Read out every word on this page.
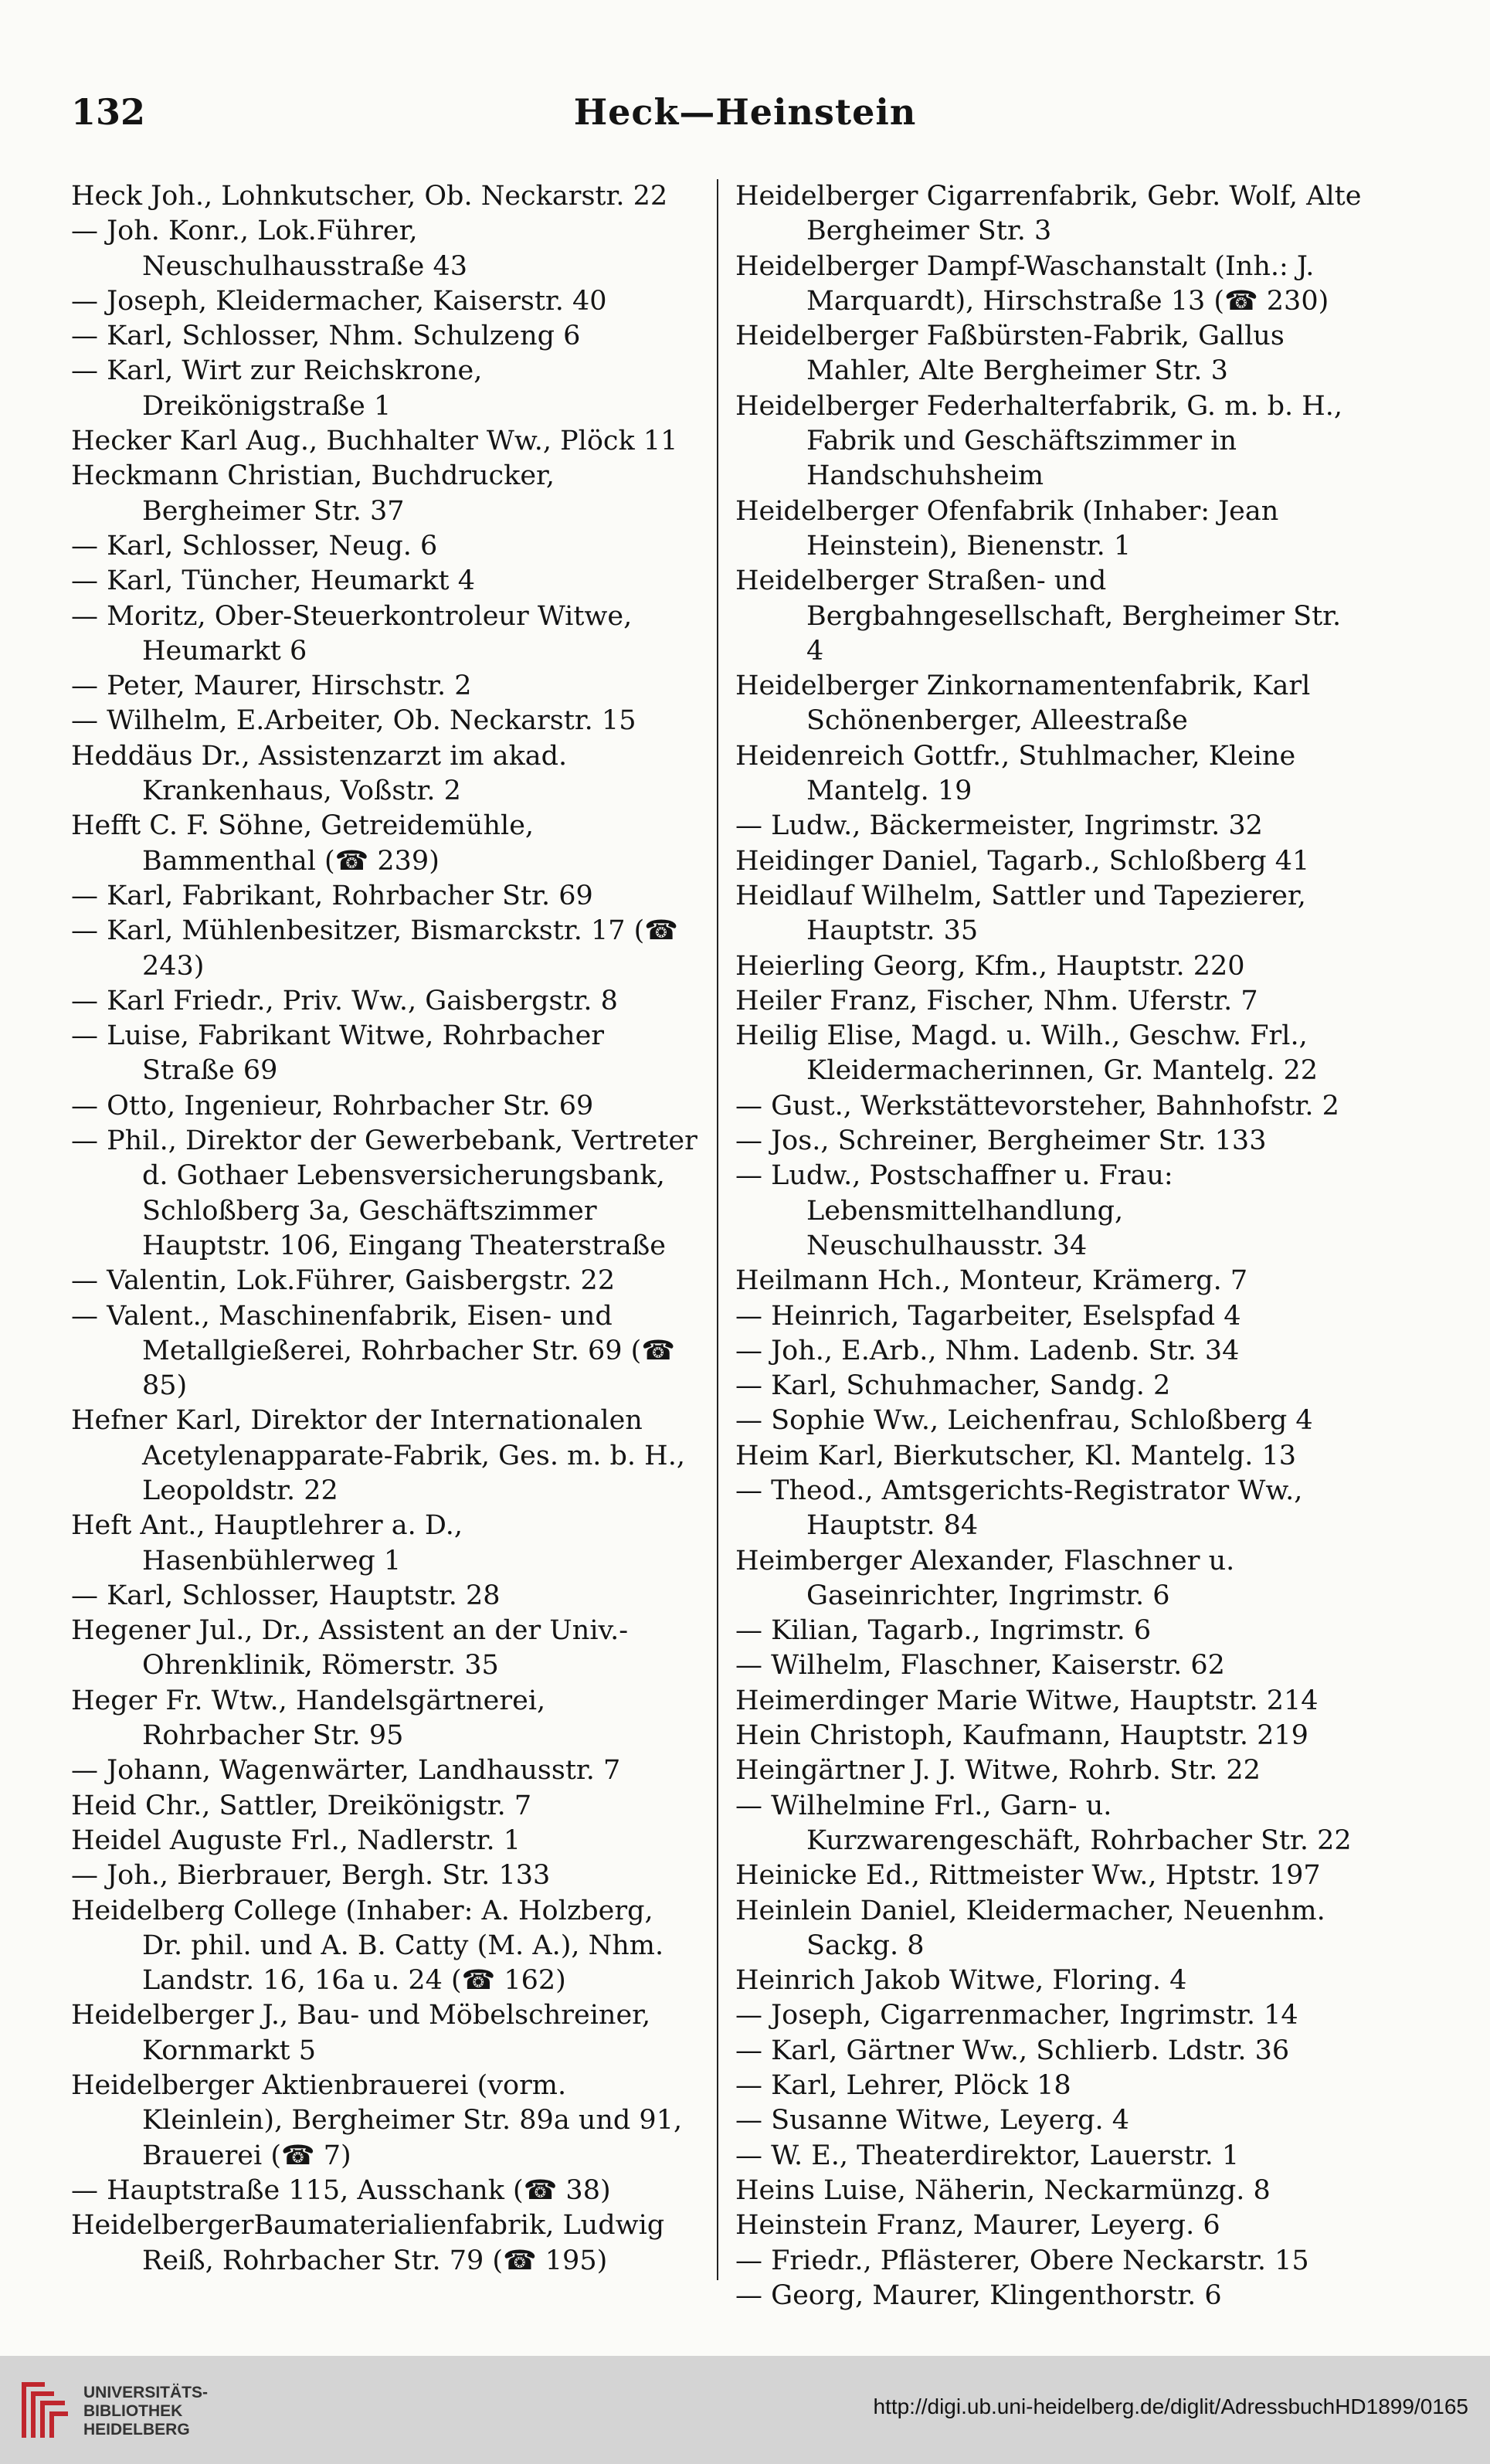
132	Heck—Heinstein
Heck Joh., Lohnkutscher, Ob. Neckarstr. 22
— Joh. Konr., Lok.Führer, Neuschulhausstraße 43
— Joseph, Kleidermacher, Kaiserstr. 40
— Karl, Schlosser, Nhm. Schulzeng 6
— Karl, Wirt zur Reichskrone, Dreikönigstraße 1
Hecker Karl Aug., Buchhalter Ww., Plöck 11
Heckmann Christian, Buchdrucker, Bergheimer Str. 37
— Karl, Schlosser, Neug. 6
— Karl, Tüncher, Heumarkt 4
— Moritz, Ober-Steuerkontroleur Witwe, Heumarkt 6
— Peter, Maurer, Hirschstr. 2
— Wilhelm, E.Arbeiter, Ob. Neckarstr. 15
Heddäus Dr., Assistenzarzt im akad. Krankenhaus, Voßstr. 2
Hefft C. F. Söhne, Getreidemühle, Bammenthal (☎ 239)
— Karl, Fabrikant, Rohrbacher Str. 69
— Karl, Mühlenbesitzer, Bismarckstr. 17 (☎ 243)
— Karl Friedr., Priv. Ww., Gaisbergstr. 8
— Luise, Fabrikant Witwe, Rohrbacher Straße 69
— Otto, Ingenieur, Rohrbacher Str. 69
— Phil., Direktor der Gewerbebank, Vertreter d. Gothaer Lebensversicherungsbank, Schloßberg 3a, Geschäftszimmer Hauptstr. 106, Eingang Theaterstraße
— Valentin, Lok.Führer, Gaisbergstr. 22
— Valent., Maschinenfabrik, Eisen- und Metallgießerei, Rohrbacher Str. 69 (☎ 85)
Hefner Karl, Direktor der Internationalen Acetylenapparate-Fabrik, Ges. m. b. H., Leopoldstr. 22
Heft Ant., Hauptlehrer a. D., Hasenbühlerweg 1
— Karl, Schlosser, Hauptstr. 28
Hegener Jul., Dr., Assistent an der Univ.-Ohrenklinik, Römerstr. 35
Heger Fr. Wtw., Handelsgärtnerei, Rohrbacher Str. 95
— Johann, Wagenwärter, Landhausstr. 7
Heid Chr., Sattler, Dreikönigstr. 7
Heidel Auguste Frl., Nadlerstr. 1
— Joh., Bierbrauer, Bergh. Str. 133
Heidelberg College (Inhaber: A. Holzberg, Dr. phil. und A. B. Catty (M. A.), Nhm. Landstr. 16, 16a u. 24 (☎ 162)
Heidelberger J., Bau- und Möbelschreiner, Kornmarkt 5
Heidelberger Aktienbrauerei (vorm. Kleinlein), Bergheimer Str. 89a und 91, Brauerei (☎ 7)
— Hauptstraße 115, Ausschank (☎ 38)
HeidelbergerBaumaterialienfabrik, Ludwig Reiß, Rohrbacher Str. 79 (☎ 195)
Heidelberger Cigarrenfabrik, Gebr. Wolf, Alte Bergheimer Str. 3
Heidelberger Dampf-Waschanstalt (Inh.: J. Marquardt), Hirschstraße 13 (☎ 230)
Heidelberger Faßbürsten-Fabrik, Gallus Mahler, Alte Bergheimer Str. 3
Heidelberger Federhalterfabrik, G. m. b. H., Fabrik und Geschäftszimmer in Handschuhsheim
Heidelberger Ofenfabrik (Inhaber: Jean Heinstein), Bienenstr. 1
Heidelberger Straßen- und Bergbahngesellschaft, Bergheimer Str. 4
Heidelberger Zinkornamentenfabrik, Karl Schönenberger, Alleestraße
Heidenreich Gottfr., Stuhlmacher, Kleine Mantelg. 19
— Ludw., Bäckermeister, Ingrimstr. 32
Heidinger Daniel, Tagarb., Schloßberg 41
Heidlauf Wilhelm, Sattler und Tapezierer, Hauptstr. 35
Heierling Georg, Kfm., Hauptstr. 220
Heiler Franz, Fischer, Nhm. Uferstr. 7
Heilig Elise, Magd. u. Wilh., Geschw. Frl., Kleidermacherinnen, Gr. Mantelg. 22
— Gust., Werkstättevorsteher, Bahnhofstr. 2
— Jos., Schreiner, Bergheimer Str. 133
— Ludw., Postschaffner u. Frau: Lebensmittelhandlung, Neuschulhausstr. 34
Heilmann Hch., Monteur, Krämerg. 7
— Heinrich, Tagarbeiter, Eselspfad 4
— Joh., E.Arb., Nhm. Ladenb. Str. 34
— Karl, Schuhmacher, Sandg. 2
— Sophie Ww., Leichenfrau, Schloßberg 4
Heim Karl, Bierkutscher, Kl. Mantelg. 13
— Theod., Amtsgerichts-Registrator Ww., Hauptstr. 84
Heimberger Alexander, Flaschner u. Gaseinrichter, Ingrimstr. 6
— Kilian, Tagarb., Ingrimstr. 6
— Wilhelm, Flaschner, Kaiserstr. 62
Heimerdinger Marie Witwe, Hauptstr. 214
Hein Christoph, Kaufmann, Hauptstr. 219
Heingärtner J. J. Witwe, Rohrb. Str. 22
— Wilhelmine Frl., Garn- u. Kurzwarengeschäft, Rohrbacher Str. 22
Heinicke Ed., Rittmeister Ww., Hptstr. 197
Heinlein Daniel, Kleidermacher, Neuenhm. Sackg. 8
Heinrich Jakob Witwe, Floring. 4
— Joseph, Cigarrenmacher, Ingrimstr. 14
— Karl, Gärtner Ww., Schlierb. Ldstr. 36
— Karl, Lehrer, Plöck 18
— Susanne Witwe, Leyerg. 4
— W. E., Theaterdirektor, Lauerstr. 1
Heins Luise, Näherin, Neckarmünzg. 8
Heinstein Franz, Maurer, Leyerg. 6
— Friedr., Pflästerer, Obere Neckarstr. 15
— Georg, Maurer, Klingenthorstr. 6
UNIVERSITÄTS-
BIBLIOTHEK
HEIDELBERG
http://digi.ub.uni-heidelberg.de/diglit/AdressbuchHD1899/0165
